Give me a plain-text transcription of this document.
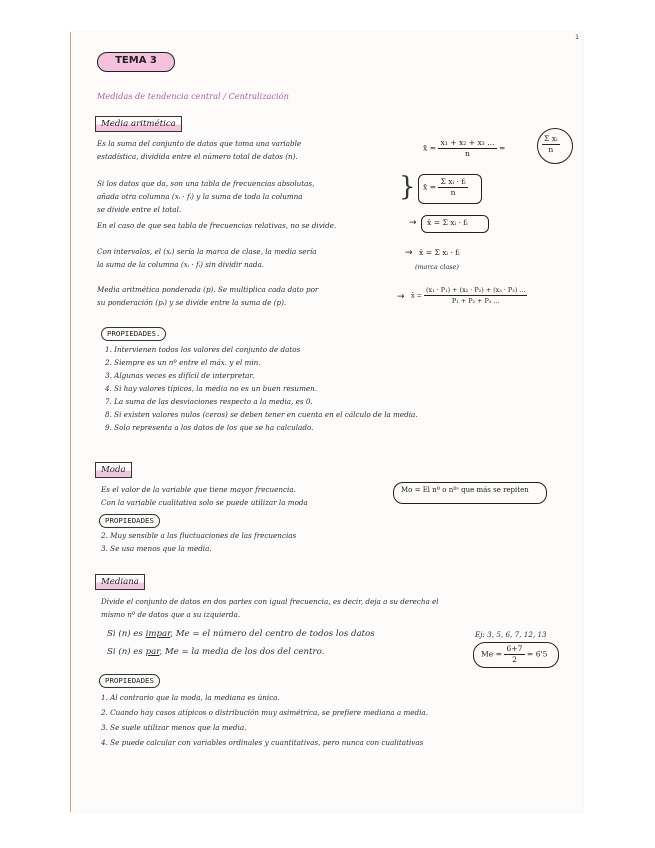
1
TEMA 3
Medidas de tendencia central / Centralización
Media aritmética
Es la suma del conjunto de datos que toma una variable
estadística, dividida entre el número total de datos (n).
x̄ = $\frac{\text{x₁ + x₂ + x₃ ...}}{n}$ =	$\frac{\text{Σ xᵢ}}{n}$
Si los datos que da, son una tabla de frecuencias absolutas,
añada otra columna (xᵢ · fᵢ) y la suma de toda la columna
se divide entre el total.
} x̄ = $\frac{\text{Σ xᵢ · fᵢ}}{n}$
En el caso de que sea tabla de frecuencias relativas, no se divide.	→ x̄ = Σ xᵢ · fᵢ
Con intervalos, el (xᵢ) sería la marca de clase, la media sería
la suma de la columna (xᵢ · fᵢ) sin dividir nada.
→ x̄ = Σ xᵢ · fᵢ
(marca clase)
Media aritmética ponderada (p). Se multiplica cada dato por
su ponderación (pᵢ) y se divide entre la suma de (p).
→ x̄ = $\frac{\text{(x₁ · P₁) + (x₂ · P₂) + (x₃ · P₃) ...}}{\text{P₁ + P₂ + P₃ ...}}$
PROPIEDADES.
1. Intervienen todos los valores del conjunto de datos
2. Siempre es un nº entre el máx. y el min.
3. Algunas veces es difícil de interpretar.
4. Si hay valores típicos, la media no es un buen resumen.
7. La suma de las desviaciones respecto a la media, es 0.
8. Si existen valores nulos (ceros) se deben tener en cuenta en el cálculo de la media.
9. Solo representa a los datos de los que se ha calculado.
Moda
Es el valor de la variable que tiene mayor frecuencia.
Con la variable cualitativa solo se puede utilizar la moda
Mo = El nº o nºˢ que más se repiten
PROPIEDADES
2. Muy sensible a las fluctuaciones de las frecuencias
3. Se usa menos que la media.
Mediana
Divide el conjunto de datos en dos partes con igual frecuencia, es decir, deja a su derecha el
mismo nº de datos que a su izquierda.
Si (n) es impar, Me = el número del centro de todos los datos
Si (n) es par, Me = la media de los dos del centro.
Ej: 3, 5, 6, 7, 12, 13
$Me = \frac{6+7}{2} = 6'5$
PROPIEDADES
1. Al contrario que la moda, la mediana es única.
2. Cuando hay casos atípicos o distribución muy asimétrica, se prefiere mediana a media.
3. Se suele utilizar menos que la media.
4. Se puede calcular con variables ordinales y cuantitativas, pero nunca con cualitativas
